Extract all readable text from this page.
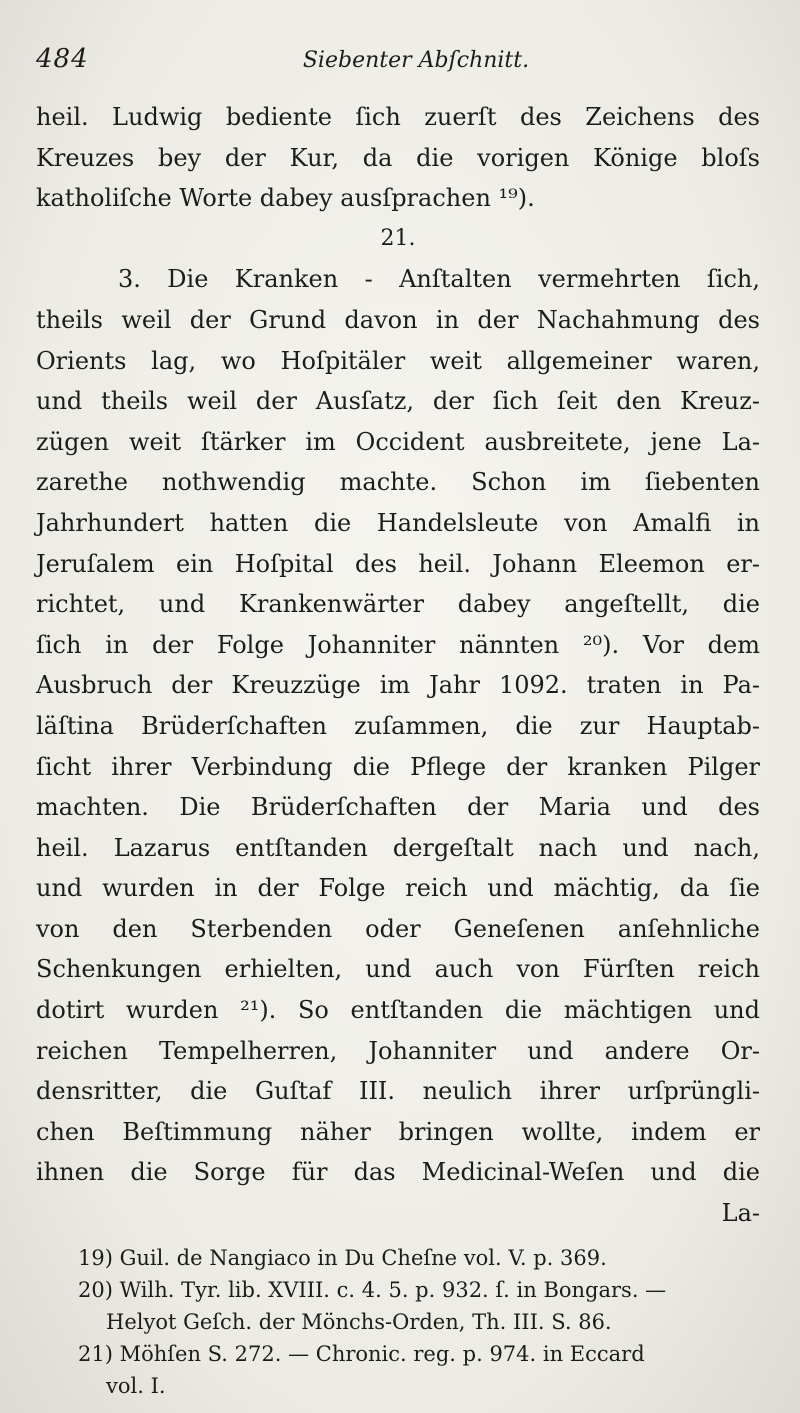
484	Siebenter Abſchnitt.
heil. Ludwig bediente ſich zuerſt des Zeichens des
Kreuzes bey der Kur, da die vorigen Könige bloſs
katholiſche Worte dabey ausſprachen ¹⁹).
21.
3. Die Kranken - Anſtalten vermehrten ſich,
theils weil der Grund davon in der Nachahmung des
Orients lag, wo Hoſpitäler weit allgemeiner waren,
und theils weil der Ausſatz, der ſich ſeit den Kreuz-
zügen weit ſtärker im Occident ausbreitete, jene La-
zarethe nothwendig machte. Schon im ſiebenten
Jahrhundert hatten die Handelsleute von Amalfi in
Jeruſalem ein Hoſpital des heil. Johann Eleemon er-
richtet, und Krankenwärter dabey angeſtellt, die
ſich in der Folge Johanniter nännten ²⁰). Vor dem
Ausbruch der Kreuzzüge im Jahr 1092. traten in Pa-
läſtina Brüderſchaften zuſammen, die zur Hauptab-
ſicht ihrer Verbindung die Pflege der kranken Pilger
machten. Die Brüderſchaften der Maria und des
heil. Lazarus entſtanden dergeſtalt nach und nach,
und wurden in der Folge reich und mächtig, da ſie
von den Sterbenden oder Geneſenen anſehnliche
Schenkungen erhielten, und auch von Fürſten reich
dotirt wurden ²¹). So entſtanden die mächtigen und
reichen Tempelherren, Johanniter und andere Or-
densritter, die Guſtaf III. neulich ihrer urſprüngli-
chen Beſtimmung näher bringen wollte, indem er
ihnen die Sorge für das Medicinal-Weſen und die
La-
19) Guil. de Nangiaco in Du Cheſne vol. V. p. 369.
20) Wilh. Tyr. lib. XVIII. c. 4. 5. p. 932. ſ. in Bongars. —
Helyot Geſch. der Mönchs-Orden, Th. III. S. 86.
21) Möhſen S. 272. — Chronic. reg. p. 974. in Eccard
vol. I.
